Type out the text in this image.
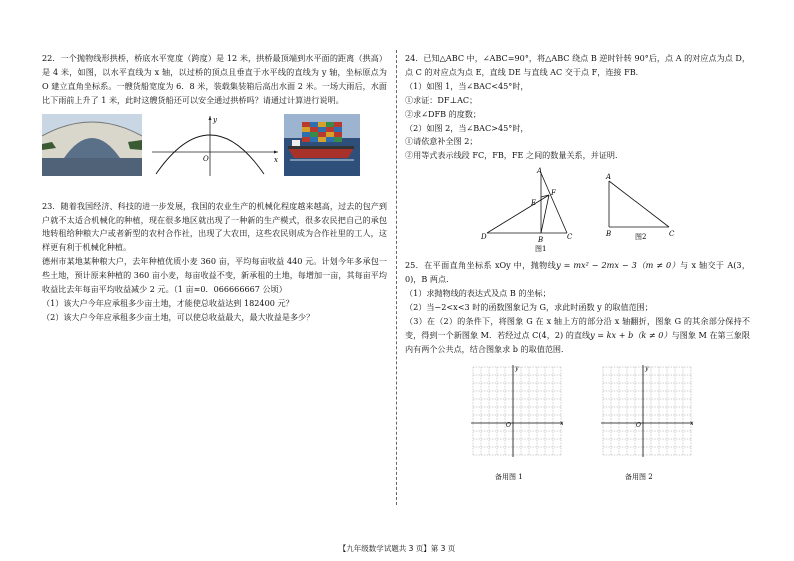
22．一个抛物线形拱桥，桥底水平宽度（跨度）是 12 米，拱桥最顶端到水平面的距离（拱高）是 4 米，如图，以水平直线为 x 轴，以过桥的顶点且垂直于水平线的直线为 y 轴，坐标原点为 O 建立直角坐标系。一艘货船宽度为 6．8 米，装载集装箱后高出水面 2 米。一场大雨后，水面比下雨前上升了 1 米，此时这艘货船还可以安全通过拱桥吗？请通过计算进行说明。

x
y
O

23．随着我国经济、科技的进一步发展，我国的农业生产的机械化程度越来越高，过去的包产到户就不太适合机械化的种植，现在很多地区就出现了一种新的生产模式，很多农民把自己的承包地转租给种粮大户或者新型的农村合作社，出现了大农田，这些农民则成为合作社里的工人，这样更有利于机械化种植。

德州市某地某种粮大户，去年种植优质小麦 360 亩，平均每亩收益 440 元。计划今年多承包一些土地，预计原来种植的 360 亩小麦，每亩收益不变，新承租的土地，每增加一亩，其每亩平均收益比去年每亩平均收益减少 2 元。（1 亩≈0．066666667 公顷）

（1）该大户今年应承租多少亩土地，才能使总收益达到 182400 元？

（2）该大户今年应承租多少亩土地，可以使总收益最大，最大收益是多少？

24．已知△ABC 中，∠ABC=90°，将△ABC 绕点 B 逆时针转 90°后，点 A 的对应点为点 D，点 C 的对应点为点 E，直线 DE 与直线 AC 交于点 F，连接 FB．

（1）如图 1，当∠BAC<45°时，

①求证：DF⊥AC；

②求∠DFB 的度数；

（2）如图 2，当∠BAC>45°时，

①请依意补全图 2；

②用等式表示线段 FC，FB，FE 之间的数量关系，并证明．

A
B	C
D
E
F
图1
A
B	C
图2

25．在平面直角坐标系 xOy 中，抛物线y = mx² − 2mx − 3（m ≠ 0）与 x 轴交于 A(3，0)，B 两点．

（1）求抛物线的表达式及点 B 的坐标；

（2）当−2<x<3 时的函数图象记为 G，求此时函数 y 的取值范围；

（3）在（2）的条件下，将图象 G 在 x 轴上方的部分沿 x 轴翻折，图象 G 的其余部分保持不变，得到一个新图象 M．若经过点 C(4，2) 的直线y = kx + b（k ≠ 0）与图象 M 在第三象限内有两个公共点，结合图象求 b 的取值范围．

x
y
O
备用图 1
x
y
O
备用图 2
【九年级数学试题共 3 页】第 3 页
